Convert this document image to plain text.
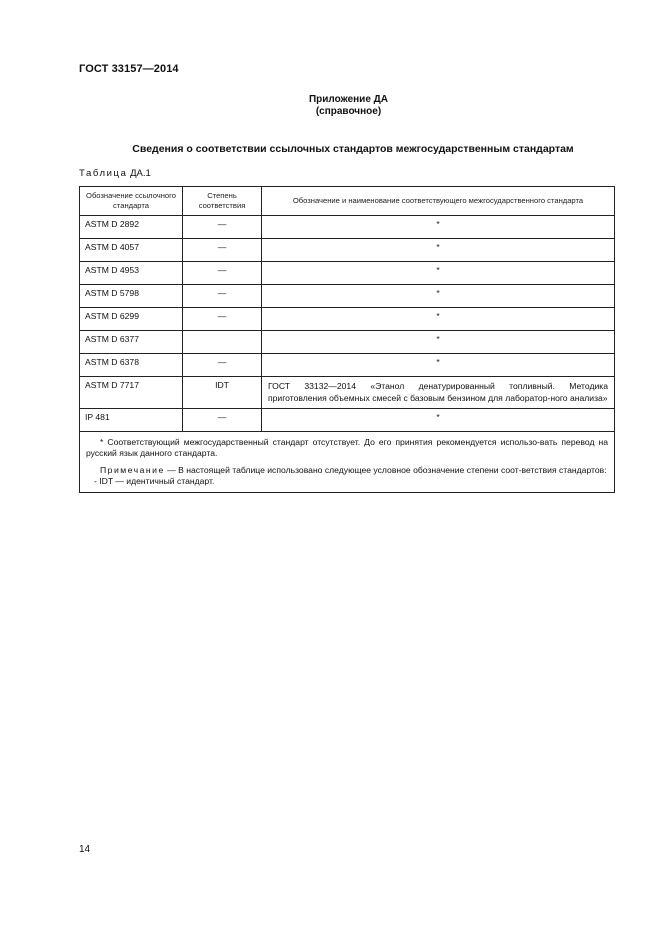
ГОСТ 33157—2014
Приложение ДА
(справочное)
Сведения о соответствии ссылочных стандартов межгосударственным стандартам
Таблица ДА.1
Обозначение ссылочного стандарта	Степень соответствия	Обозначение и наименование соответствующего межгосударственного стандарта
ASTM D 2892	—	*
ASTM D 4057	—	*
ASTM D 4953	—	*
ASTM D 5798	—	*
ASTM D 6299	—	*
ASTM D 6377		*
ASTM D 6378	—	*
ASTM D 7717	IDT	ГОСТ 33132—2014 «Этанол денатурированный топливный. Методика приготовления объемных смесей с базовым бензином для лаборатор-ного анализа»
IP 481	—	*

* Соответствующий межгосударственный стандарт отсутствует. До его принятия рекомендуется использо-вать перевод на русский язык данного стандарта.

Примечание — В настоящей таблице использовано следующее условное обозначение степени соот-ветствия стандартов:

- IDT — идентичный стандарт.		

14
